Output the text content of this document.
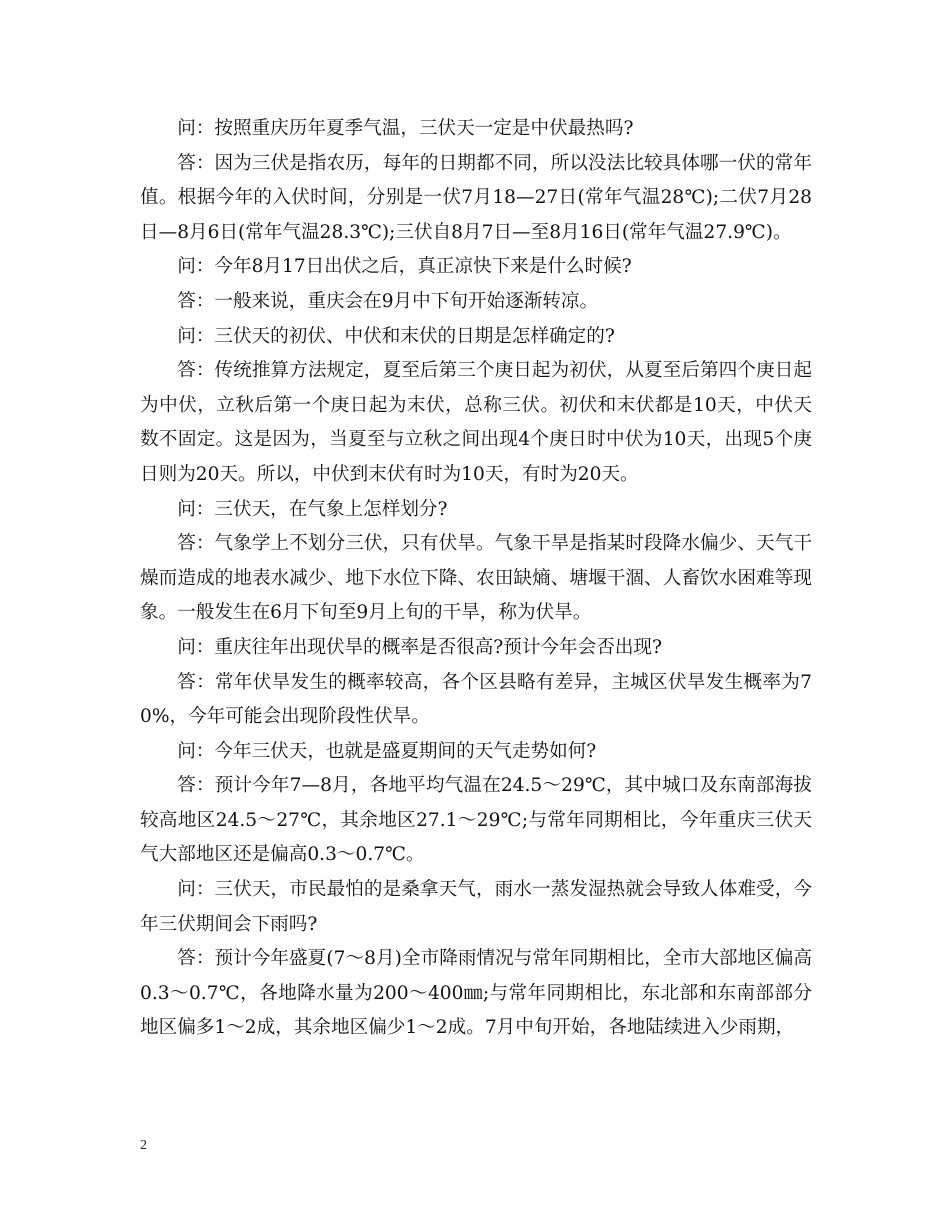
问：按照重庆历年夏季气温，三伏天一定是中伏最热吗?

答：因为三伏是指农历，每年的日期都不同，所以没法比较具体哪一伏的常年值。根据今年的入伏时间，分别是一伏7月18—27日(常年气温28℃);二伏7月28日—8月6日(常年气温28.3℃);三伏自8月7日—至8月16日(常年气温27.9℃)。

问：今年8月17日出伏之后，真正凉快下来是什么时候?

答：一般来说，重庆会在9月中下旬开始逐渐转凉。

问：三伏天的初伏、中伏和末伏的日期是怎样确定的?

答：传统推算方法规定，夏至后第三个庚日起为初伏，从夏至后第四个庚日起为中伏，立秋后第一个庚日起为末伏，总称三伏。初伏和末伏都是10天，中伏天数不固定。这是因为，当夏至与立秋之间出现4个庚日时中伏为10天，出现5个庚日则为20天。所以，中伏到末伏有时为10天，有时为20天。

问：三伏天，在气象上怎样划分?

答：气象学上不划分三伏，只有伏旱。气象干旱是指某时段降水偏少、天气干燥而造成的地表水减少、地下水位下降、农田缺熵、塘堰干涸、人畜饮水困难等现象。一般发生在6月下旬至9月上旬的干旱，称为伏旱。

问：重庆往年出现伏旱的概率是否很高?预计今年会否出现?

答：常年伏旱发生的概率较高，各个区县略有差异，主城区伏旱发生概率为70%，今年可能会出现阶段性伏旱。

问：今年三伏天，也就是盛夏期间的天气走势如何?

答：预计今年7—8月，各地平均气温在24.5～29℃，其中城口及东南部海拔较高地区24.5～27℃，其余地区27.1～29℃;与常年同期相比，今年重庆三伏天气大部地区还是偏高0.3～0.7℃。

问：三伏天，市民最怕的是桑拿天气，雨水一蒸发湿热就会导致人体难受，今年三伏期间会下雨吗?

答：预计今年盛夏(7～8月)全市降雨情况与常年同期相比，全市大部地区偏高0.3～0.7℃，各地降水量为200～400㎜;与常年同期相比，东北部和东南部部分地区偏多1～2成，其余地区偏少1～2成。7月中旬开始，各地陆续进入少雨期，

2
